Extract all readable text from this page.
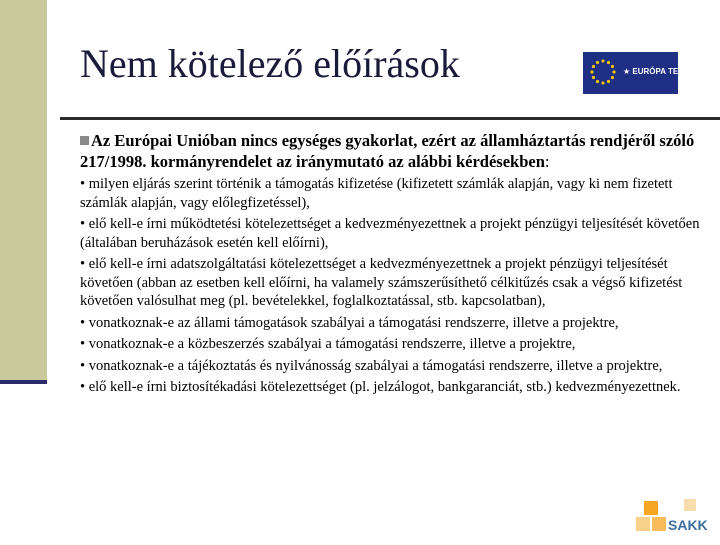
Nem kötelező előírások	★ EURÓPA TERV
Az Európai Unióban nincs egységes gyakorlat, ezért az államháztartás rendjéről szóló 217/1998. kormányrendelet az iránymutató az alábbi kérdésekben:
• milyen eljárás szerint történik a támogatás kifizetése (kifizetett számlák alapján, vagy ki nem fizetett számlák alapján, vagy előlegfizetéssel),
• elő kell-e írni működtetési kötelezettséget a kedvezményezettnek a projekt pénzügyi teljesítését követően (általában beruházások esetén kell előírni),
• elő kell-e írni adatszolgáltatási kötelezettséget a kedvezményezettnek a projekt pénzügyi teljesítését követően (abban az esetben kell előírni, ha valamely számszerűsíthető célkitűzés csak a végső kifizetést követően valósulhat meg (pl. bevételekkel, foglalkoztatással, stb. kapcsolatban),
• vonatkoznak-e az állami támogatások szabályai a támogatási rendszerre, illetve a projektre,
• vonatkoznak-e a közbeszerzés szabályai a támogatási rendszerre, illetve a projektre,
• vonatkoznak-e a tájékoztatás és nyilvánosság szabályai a támogatási rendszerre, illetve a projektre,
• elő kell-e írni biztosítékadási kötelezettséget (pl. jelzálogot, bankgaranciát, stb.) kedvezményezettnek.
SAKK
